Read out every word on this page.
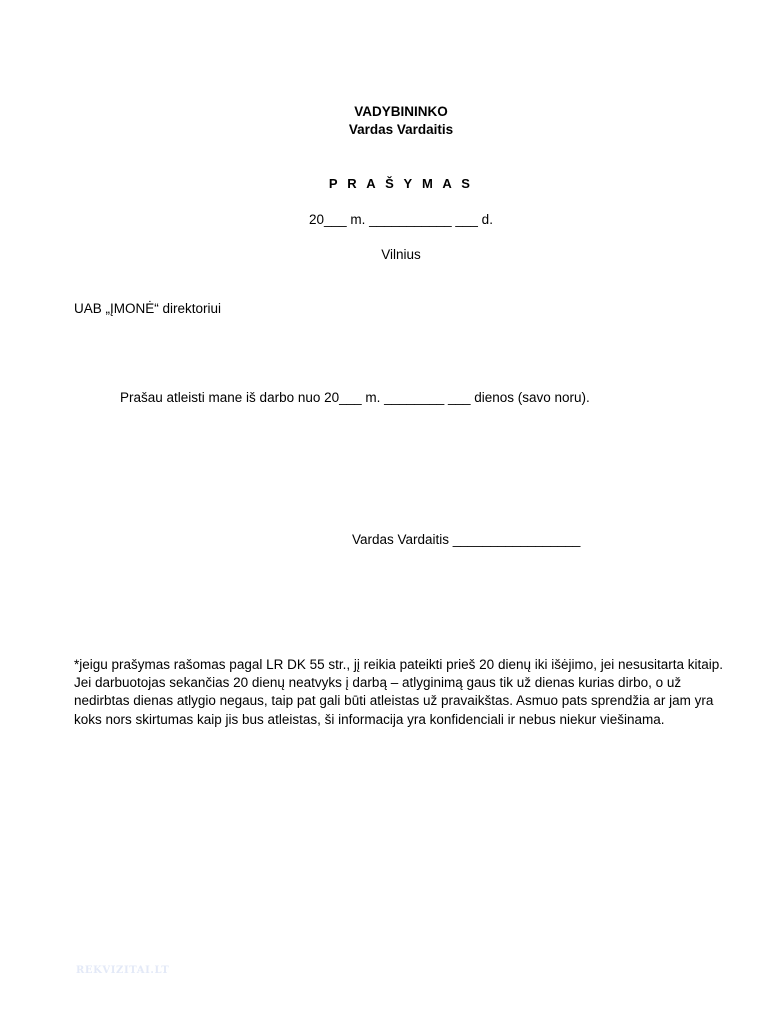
VADYBININKO
Vardas Vardaitis
P R A Š Y M A S
20___ m. ___________ ___ d.
Vilnius
UAB „ĮMONĖ“ direktoriui
Prašau atleisti mane iš darbo nuo 20___ m. ________ ___ dienos (savo noru).
Vardas Vardaitis _________________
*jeigu prašymas rašomas pagal LR DK 55 str., jį reikia pateikti prieš 20 dienų iki išėjimo, jei nesusitarta kitaip. Jei darbuotojas sekančias 20 dienų neatvyks į darbą – atlyginimą gaus tik už dienas kurias dirbo, o už nedirbtas dienas atlygio negaus, taip pat gali būti atleistas už pravaikštas. Asmuo pats sprendžia ar jam yra koks nors skirtumas kaip jis bus atleistas, ši informacija yra konfidenciali ir nebus niekur viešinama.
REKVIZITAI.LT
